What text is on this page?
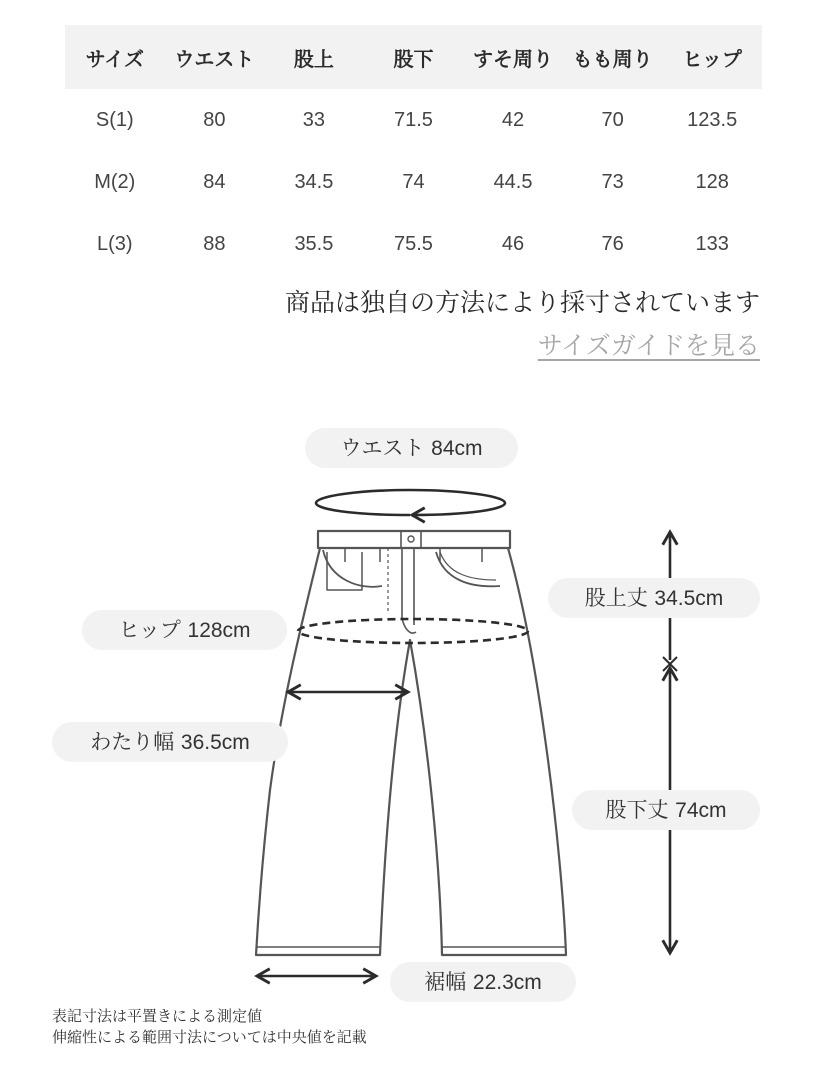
サイズ	ウエスト	股上	股下	すそ周り	もも周り	ヒップ
S(1)	80	33	71.5	42	70	123.5
M(2)	84	34.5	74	44.5	73	128
L(3)	88	35.5	75.5	46	76	133
商品は独自の方法により採寸されています
サイズガイドを見る
ウエスト 84cm
ヒップ 128cm
わたり幅 36.5cm
股上丈 34.5cm
股下丈 74cm
裾幅 22.3cm
表記寸法は平置きによる測定値
伸縮性による範囲寸法については中央値を記載
